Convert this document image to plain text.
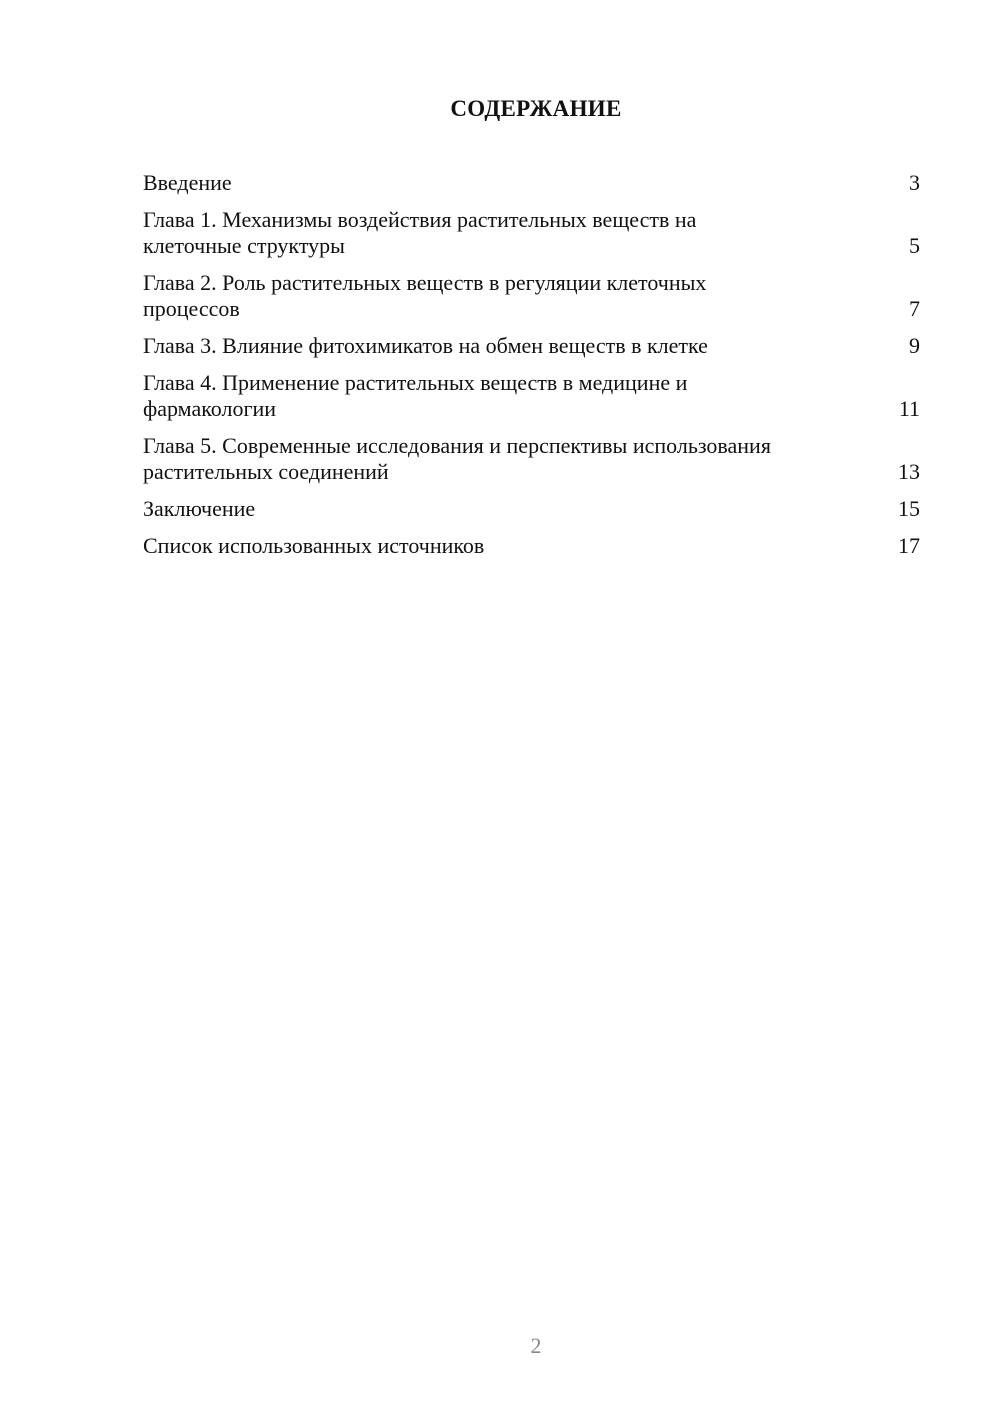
СОДЕРЖАНИЕ
Введение	3
Глава 1. Механизмы воздействия растительных веществ на клеточные структуры	5
Глава 2. Роль растительных веществ в регуляции клеточных процессов	7
Глава 3. Влияние фитохимикатов на обмен веществ в клетке	9
Глава 4. Применение растительных веществ в медицине и фармакологии	11
Глава 5. Современные исследования и перспективы использования растительных соединений	13
Заключение	15
Список использованных источников	17
2
